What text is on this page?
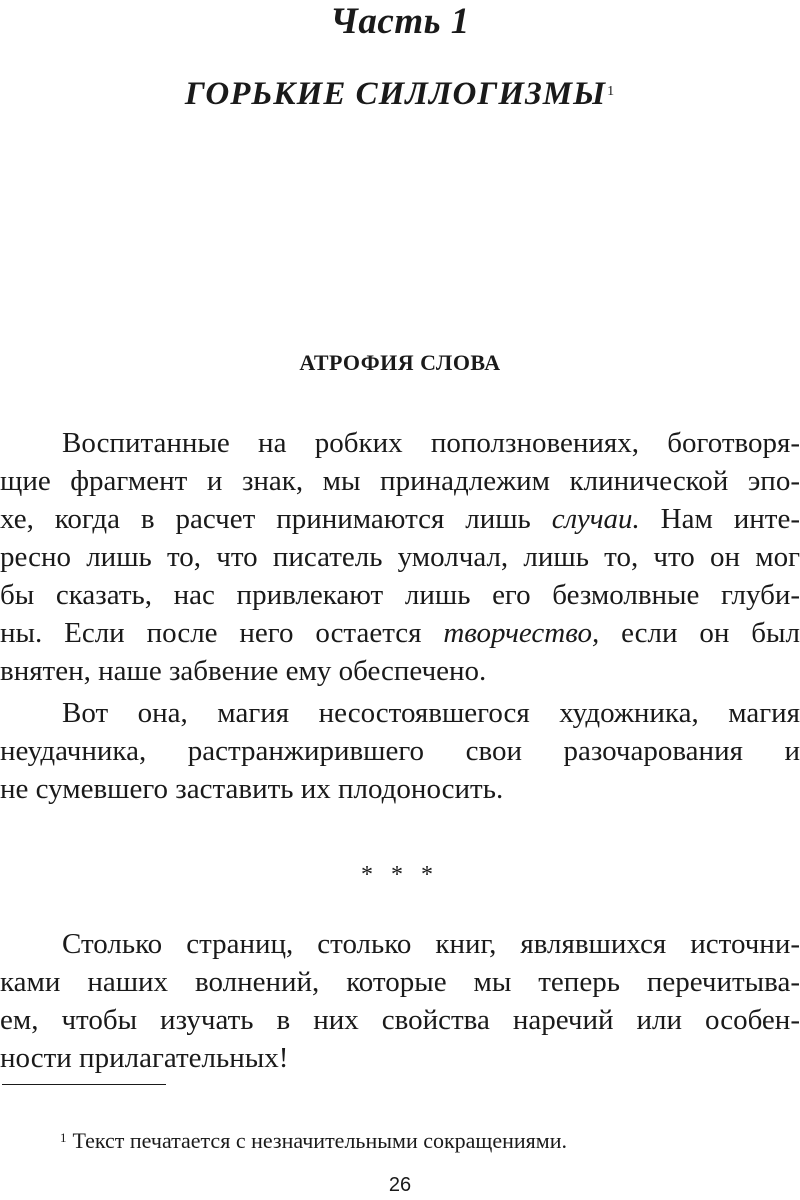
Часть 1
ГОРЬКИЕ СИЛЛОГИЗМЫ$^1$
АТРОФИЯ СЛОВА
Воспитанные на робких поползновениях, боготворя-
щие фрагмент и знак, мы принадлежим клинической эпо-
хе, когда в расчет принимаются лишь случаи. Нам инте-
ресно лишь то, что писатель умолчал, лишь то, что он мог
бы сказать, нас привлекают лишь его безмолвные глуби-
ны. Если после него остается творчество, если он был
внятен, наше забвение ему обеспечено.
Вот она, магия несостоявшегося художника, магия
неудачника, растранжирившего свои разочарования и
не сумевшего заставить их плодоносить.
* * *
Столько страниц, столько книг, являвшихся источни-
ками наших волнений, которые мы теперь перечитыва-
ем, чтобы изучать в них свойства наречий или особен-
ности прилагательных!
$^1$ Текст печатается с незначительными сокращениями.
26
